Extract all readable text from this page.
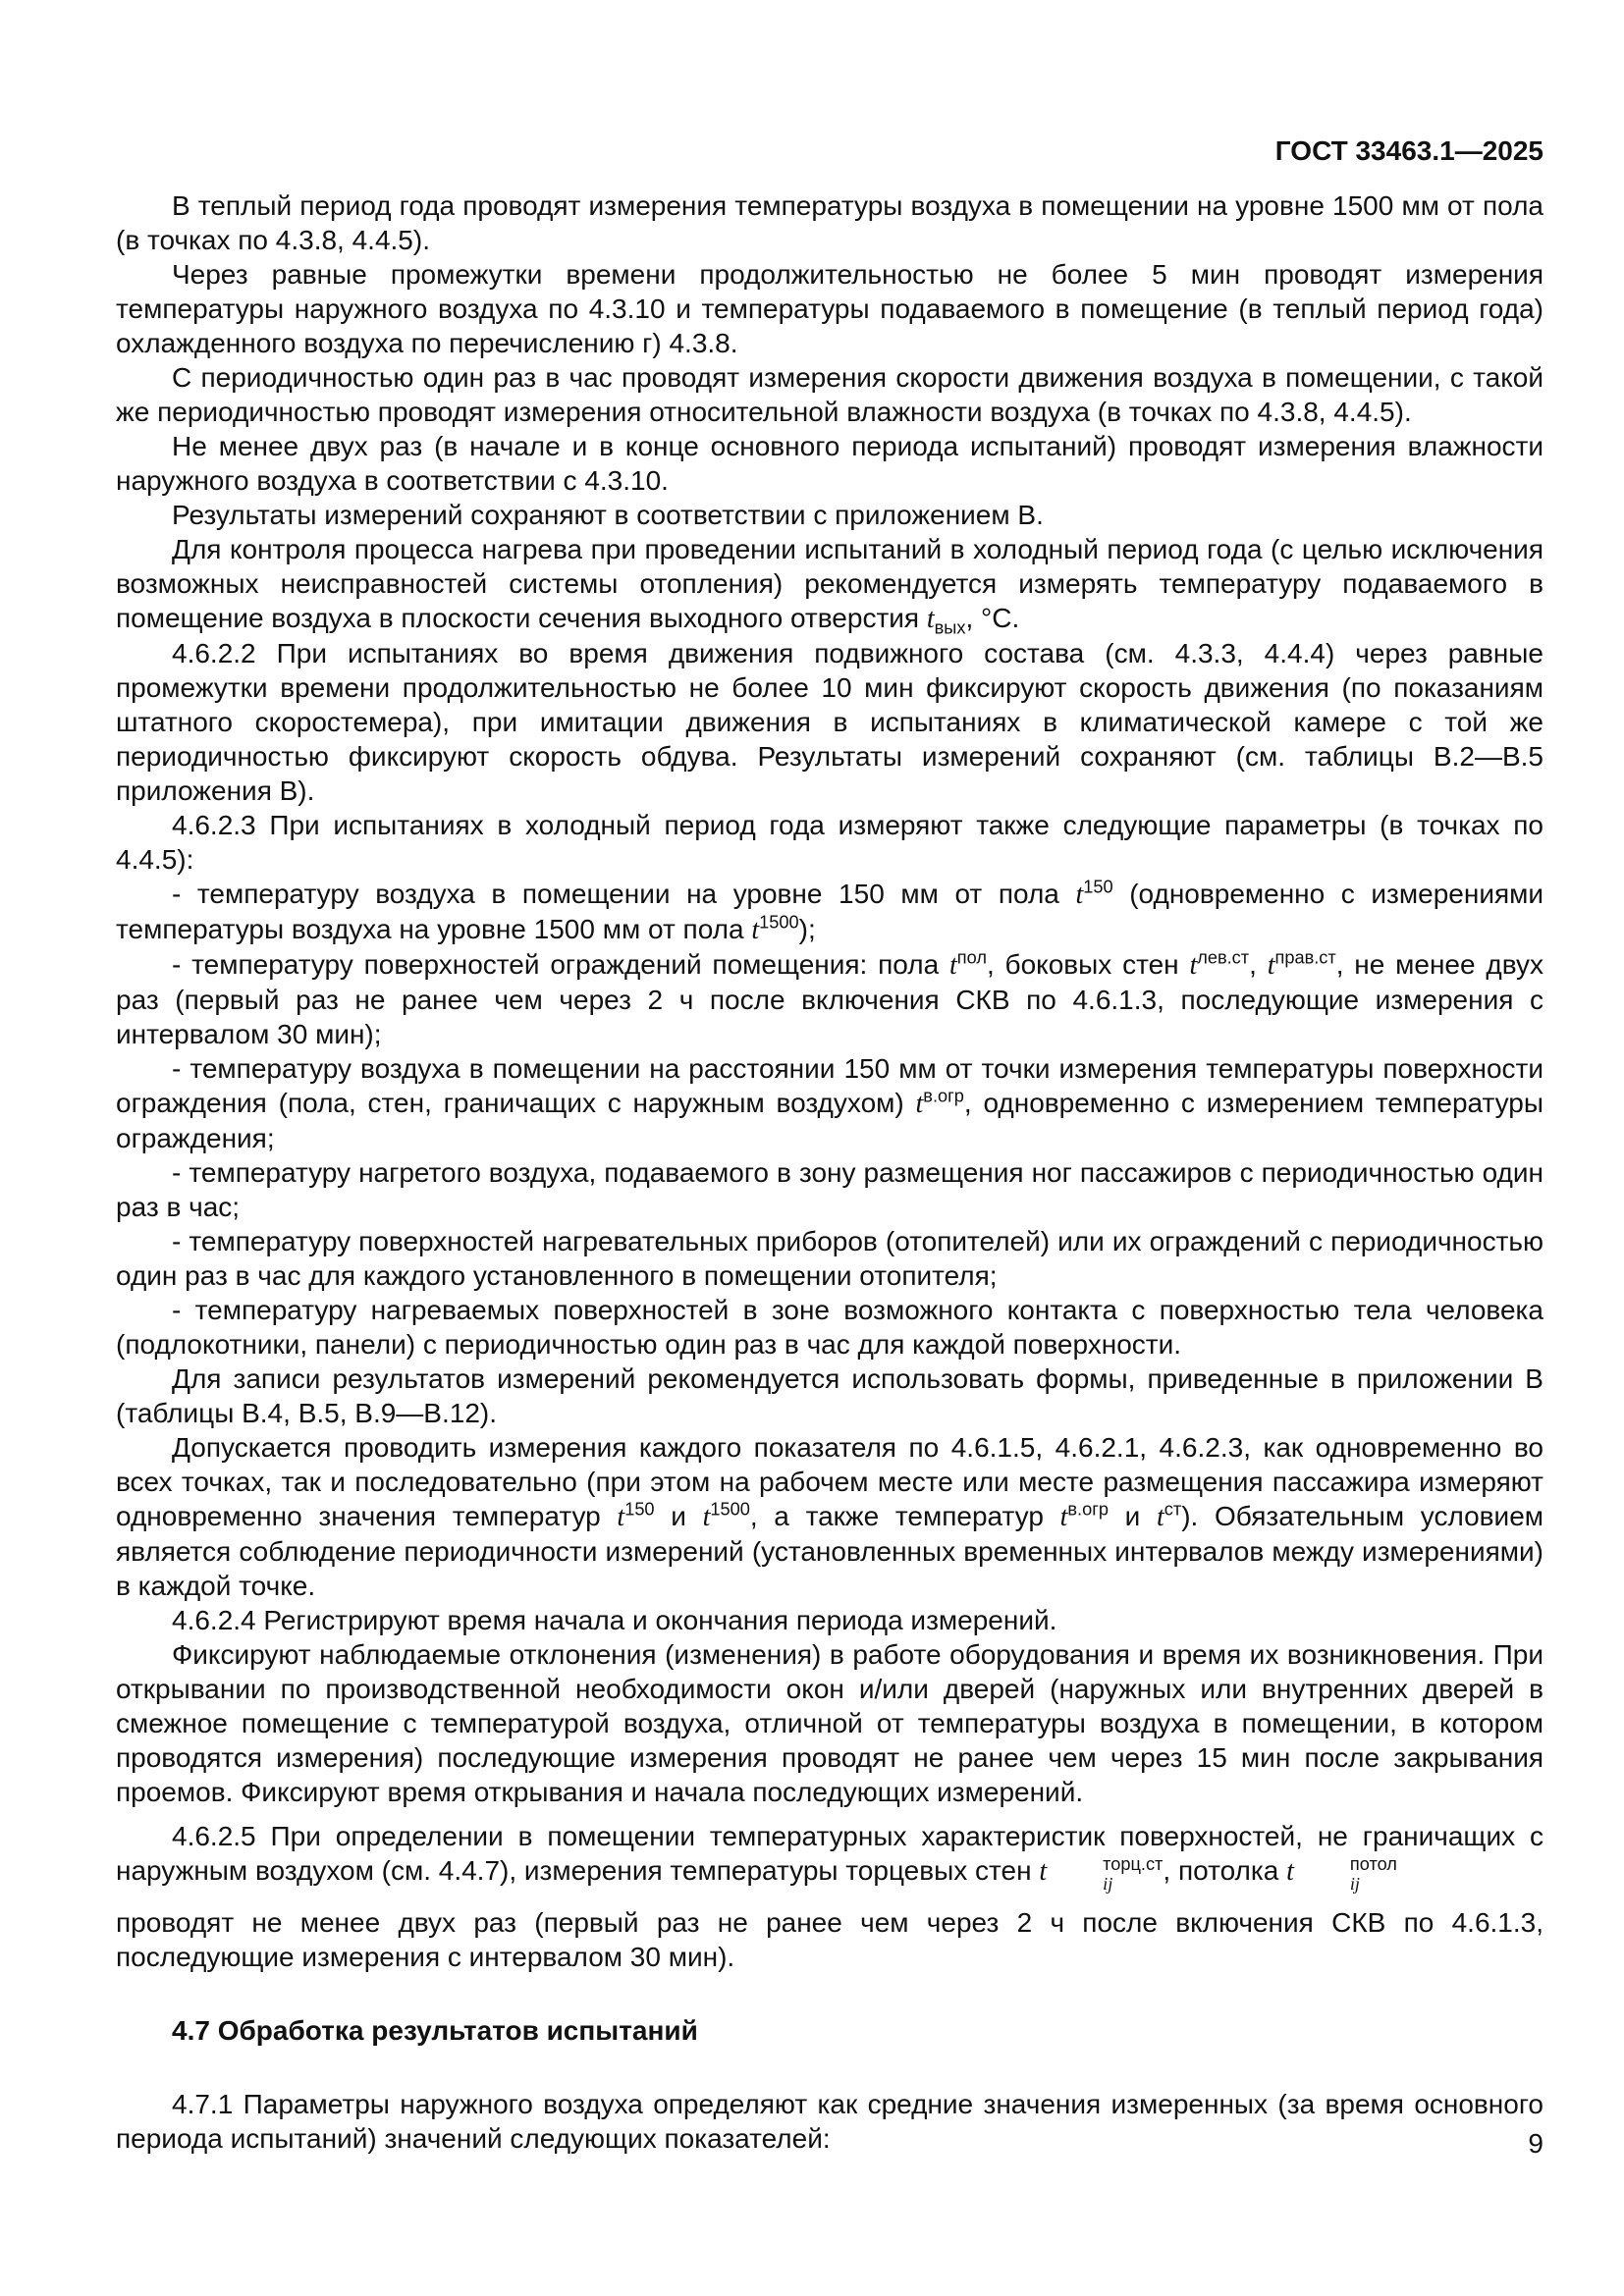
ГОСТ 33463.1—2025

В теплый период года проводят измерения температуры воздуха в помещении на уровне 1500 мм от пола (в точках по 4.3.8, 4.4.5).

Через равные промежутки времени продолжительностью не более 5 мин проводят измерения температуры наружного воздуха по 4.3.10 и температуры подаваемого в помещение (в теплый период года) охлажденного воздуха по перечислению г) 4.3.8.

С периодичностью один раз в час проводят измерения скорости движения воздуха в помещении, с такой же периодичностью проводят измерения относительной влажности воздуха (в точках по 4.3.8, 4.4.5).

Не менее двух раз (в начале и в конце основного периода испытаний) проводят измерения влажности наружного воздуха в соответствии с 4.3.10.

Результаты измерений сохраняют в соответствии с приложением В.

Для контроля процесса нагрева при проведении испытаний в холодный период года (с целью исключения возможных неисправностей системы отопления) рекомендуется измерять температуру подаваемого в помещение воздуха в плоскости сечения выходного отверстия $t_{вых}$, °С.

4.6.2.2 При испытаниях во время движения подвижного состава (см. 4.3.3, 4.4.4) через равные промежутки времени продолжительностью не более 10 мин фиксируют скорость движения (по показаниям штатного скоростемера), при имитации движения в испытаниях в климатической камере с той же периодичностью фиксируют скорость обдува. Результаты измерений сохраняют (см. таблицы В.2—В.5 приложения В).

4.6.2.3 При испытаниях в холодный период года измеряют также следующие параметры (в точках по 4.4.5):

- температуру воздуха в помещении на уровне 150 мм от пола $t^{150}$ (одновременно с измерениями температуры воздуха на уровне 1500 мм от пола $t^{1500}$);

- температуру поверхностей ограждений помещения: пола $t^{пол}$, боковых стен $t^{лев.ст}$, $t^{прав.ст}$, не менее двух раз (первый раз не ранее чем через 2 ч после включения СКВ по 4.6.1.3, последующие измерения с интервалом 30 мин);

- температуру воздуха в помещении на расстоянии 150 мм от точки измерения температуры поверхности ограждения (пола, стен, граничащих с наружным воздухом) $t^{в.огр}$, одновременно с измерением температуры ограждения;

- температуру нагретого воздуха, подаваемого в зону размещения ног пассажиров с периодичностью один раз в час;

- температуру поверхностей нагревательных приборов (отопителей) или их ограждений с периодичностью один раз в час для каждого установленного в помещении отопителя;

- температуру нагреваемых поверхностей в зоне возможного контакта с поверхностью тела человека (подлокотники, панели) с периодичностью один раз в час для каждой поверхности.

Для записи результатов измерений рекомендуется использовать формы, приведенные в приложении В (таблицы В.4, В.5, В.9—В.12).

Допускается проводить измерения каждого показателя по 4.6.1.5, 4.6.2.1, 4.6.2.3, как одновременно во всех точках, так и последовательно (при этом на рабочем месте или месте размещения пассажира измеряют одновременно значения температур $t^{150}$ и $t^{1500}$, а также температур $t^{в.огр}$ и $t^{ст}$). Обязательным условием является соблюдение периодичности измерений (установленных временных интервалов между измерениями) в каждой точке.

4.6.2.4 Регистрируют время начала и окончания периода измерений.

Фиксируют наблюдаемые отклонения (изменения) в работе оборудования и время их возникновения. При открывании по производственной необходимости окон и/или дверей (наружных или внутренних дверей в смежное помещение с температурой воздуха, отличной от температуры воздуха в помещении, в котором проводятся измерения) последующие измерения проводят не ранее чем через 15 мин после закрывания проемов. Фиксируют время открывания и начала последующих измерений.

4.6.2.5 При определении в помещении температурных характеристик поверхностей, не граничащих с наружным воздухом (см. 4.4.7), измерения температуры торцевых стен t	торц.ст
ij	, потолка t	потол
ij

проводят не менее двух раз (первый раз не ранее чем через 2 ч после включения СКВ по 4.6.1.3, последующие измерения с интервалом 30 мин).

4.7 Обработка результатов испытаний

4.7.1 Параметры наружного воздуха определяют как средние значения измеренных (за время основного периода испытаний) значений следующих показателей:	9
